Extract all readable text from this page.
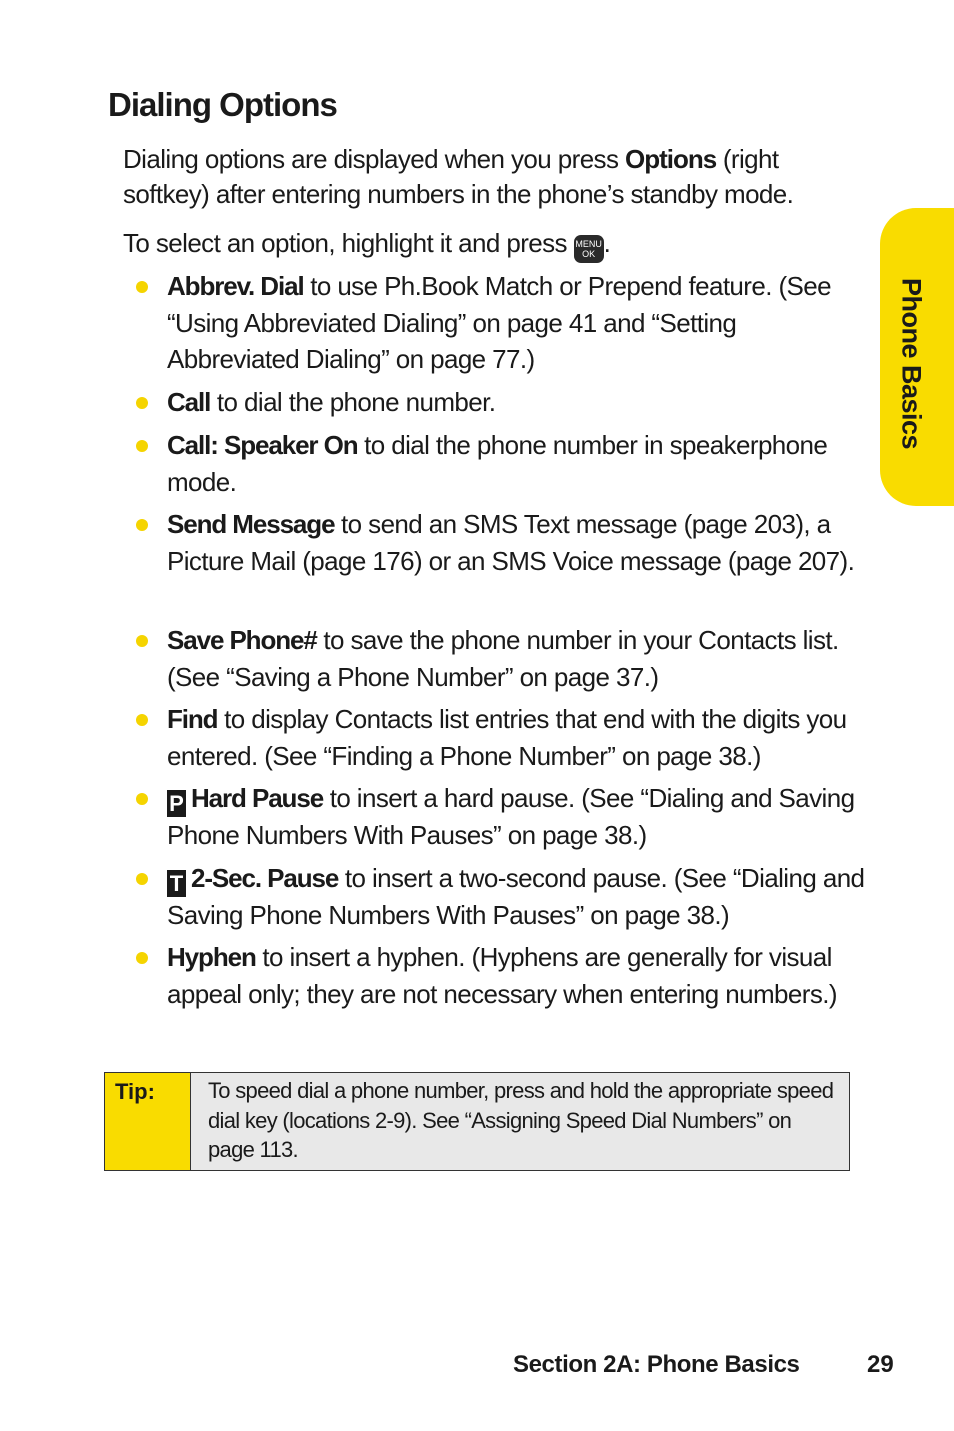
Dialing Options

Dialing options are displayed when you press Options (right softkey) after entering numbers in the phone’s standby mode.

To select an option, highlight it and press MENU
OK .

Abbrev. Dial to use Ph.Book Match or Prepend feature. (See “Using Abbreviated Dialing” on page 41 and “Setting Abbreviated Dialing” on page 77.)
Call to dial the phone number.
Call: Speaker On to dial the phone number in speakerphone mode.
Send Message to send an SMS Text message (page 203), a Picture Mail (page 176) or an SMS Voice message (page 207).
Save Phone# to save the phone number in your Contacts list. (See “Saving a Phone Number” on page 37.)
Find to display Contacts list entries that end with the digits you entered. (See “Finding a Phone Number” on page 38.)
P Hard Pause to insert a hard pause. (See “Dialing and Saving Phone Numbers With Pauses” on page 38.)
T 2-Sec. Pause to insert a two-second pause. (See “Dialing and Saving Phone Numbers With Pauses” on page 38.)
Hyphen to insert a hyphen. (Hyphens are generally for visual appeal only; they are not necessary when entering numbers.)
Tip:	To speed dial a phone number, press and hold the appropriate speed dial key (locations 2-9). See “Assigning Speed Dial Numbers” on page 113.
Phone Basics
Section 2A: Phone Basics	29
